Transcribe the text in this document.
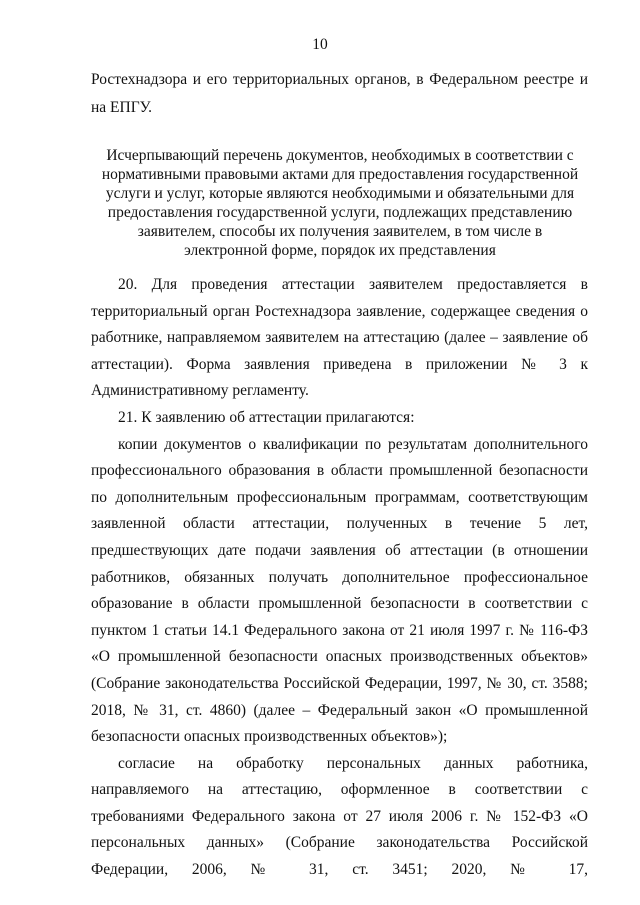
10
Ростехнадзора и его территориальных органов, в Федеральном реестре и на ЕПГУ.
Исчерпывающий перечень документов, необходимых в соответствии с нормативными правовыми актами для предоставления государственной услуги и услуг, которые являются необходимыми и обязательными для предоставления государственной услуги, подлежащих представлению заявителем, способы их получения заявителем, в том числе в электронной форме, порядок их представления

20. Для проведения аттестации заявителем предоставляется в территориальный орган Ростехнадзора заявление, содержащее сведения о работнике, направляемом заявителем на аттестацию (далее – заявление об аттестации). Форма заявления приведена в приложении № 3 к Административному регламенту.

21. К заявлению об аттестации прилагаются:

копии документов о квалификации по результатам дополнительного профессионального образования в области промышленной безопасности по дополнительным профессиональным программам, соответствующим заявленной области аттестации, полученных в течение 5 лет, предшествующих дате подачи заявления об аттестации (в отношении работников, обязанных получать дополнительное профессиональное образование в области промышленной безопасности в соответствии с пунктом 1 статьи 14.1 Федерального закона от 21 июля 1997 г. № 116-ФЗ «О промышленной безопасности опасных производственных объектов» (Собрание законодательства Российской Федерации, 1997, № 30, ст. 3588; 2018, № 31, ст. 4860) (далее – Федеральный закон «О промышленной безопасности опасных производственных объектов»);

согласие на обработку персональных данных работника, направляемого на аттестацию, оформленное в соответствии с требованиями Федерального закона от 27 июля 2006 г. № 152-ФЗ «О персональных данных» (Собрание законодательства Российской Федерации, 2006, № 31, ст. 3451; 2020, № 17,
